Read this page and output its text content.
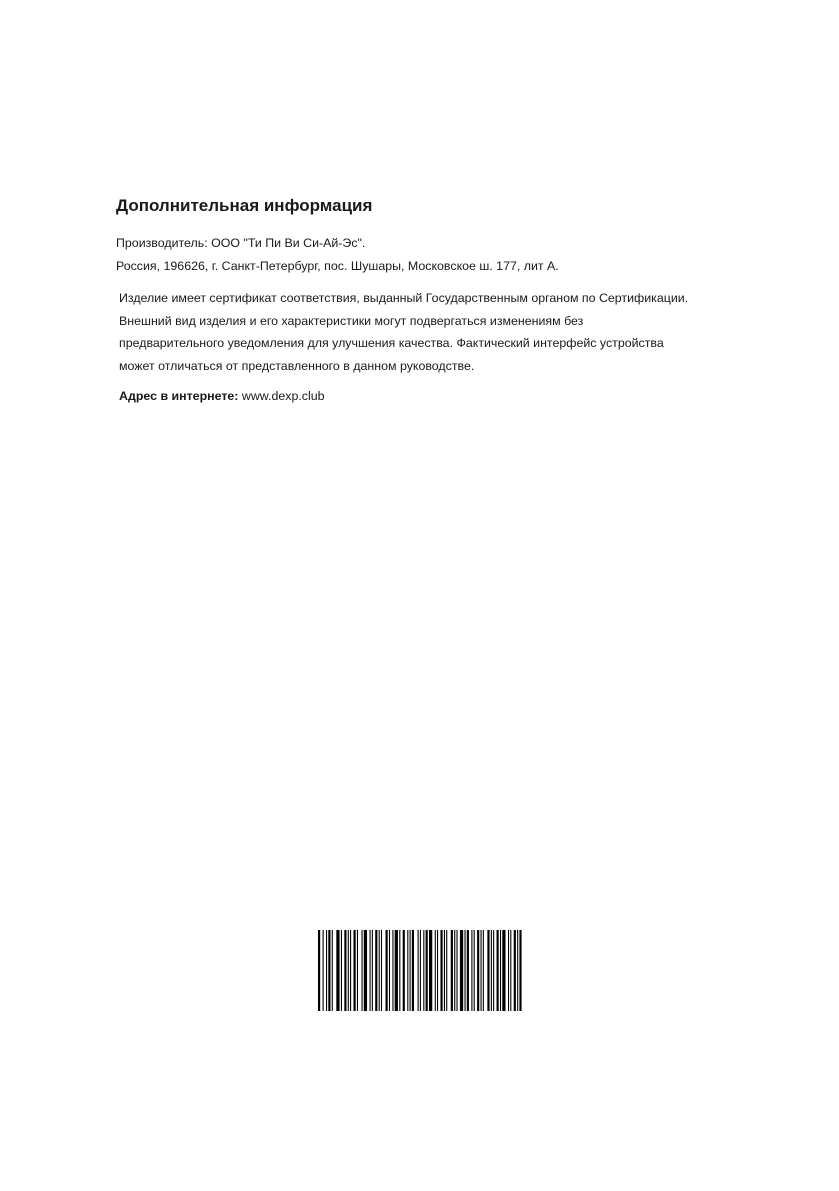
Дополнительная информация
Производитель: ООО "Ти Пи Ви Си-Ай-Эс".
Россия, 196626, г. Санкт-Петербург, пос. Шушары, Московское ш. 177, лит А.
Изделие имеет сертификат соответствия, выданный Государственным органом по Сертификации.
Внешний вид изделия и его характеристики могут подвергаться изменениям без
предварительного уведомления для улучшения качества. Фактический интерфейс устройства
может отличаться от представленного в данном руководстве.
Адрес в интернете: www.dexp.club
